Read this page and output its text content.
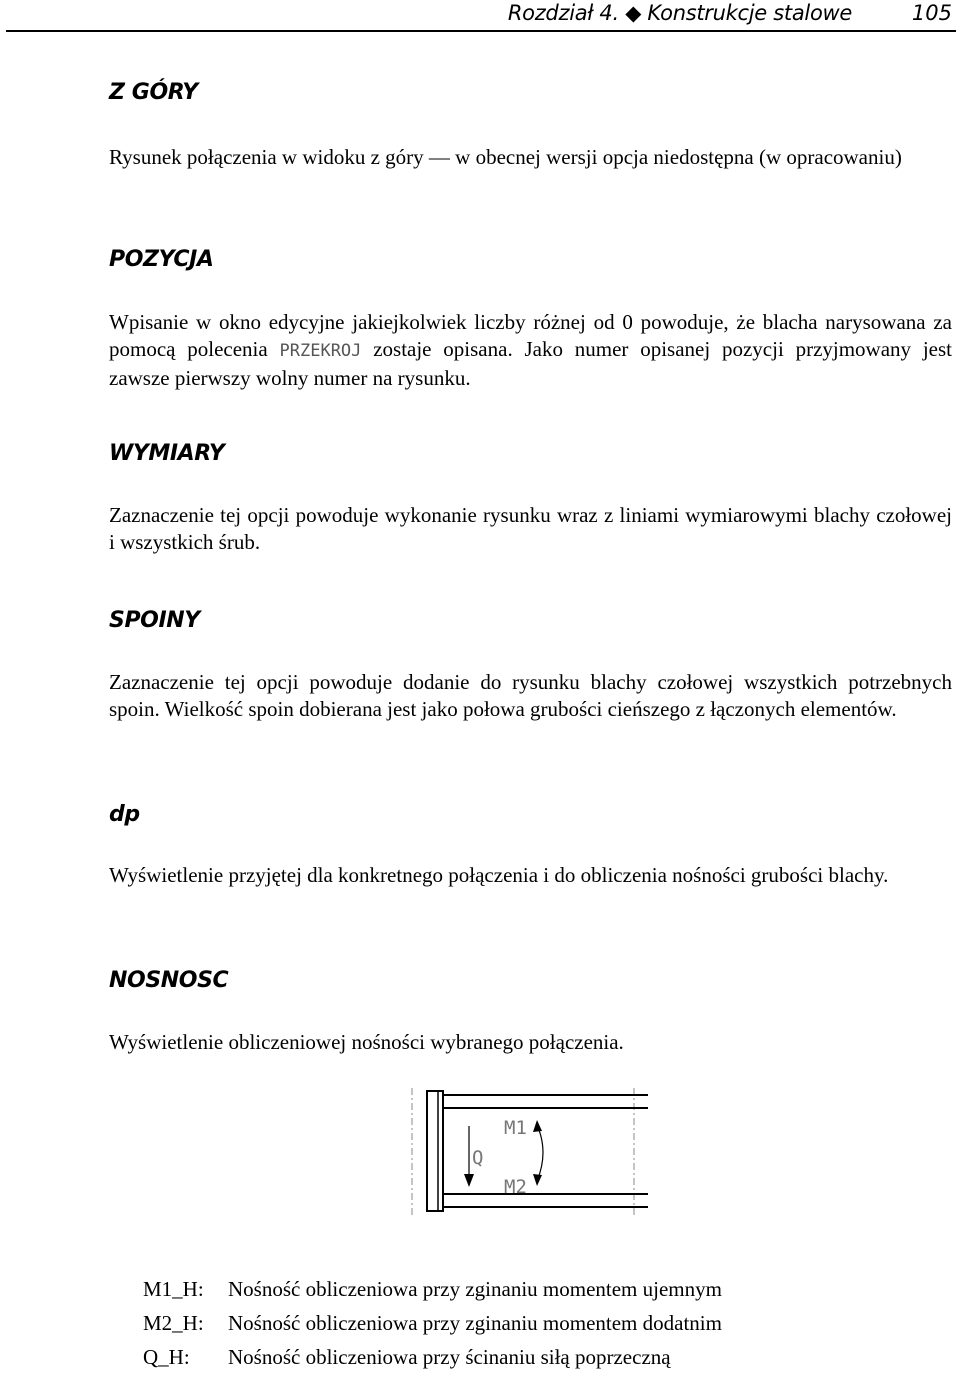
Rozdział 4. ◆ Konstrukcje stalowe	105
Z GÓRY

Rysunek połączenia w widoku z góry — w obecnej wersji opcja niedostępna (w opracowaniu)

POZYCJA

Wpisanie w okno edycyjne jakiejkolwiek liczby różnej od 0 powoduje, że blacha narysowana za pomocą polecenia PRZEKROJ zostaje opisana. Jako numer opisanej pozycji przyjmowany jest zawsze pierwszy wolny numer na rysunku.

WYMIARY

Zaznaczenie tej opcji powoduje wykonanie rysunku wraz z liniami wymiarowymi blachy czołowej i wszystkich śrub.

SPOINY

Zaznaczenie tej opcji powoduje dodanie do rysunku blachy czołowej wszystkich potrzebnych spoin. Wielkość spoin dobierana jest jako połowa grubości cieńszego z łączonych elementów.

dp

Wyświetlenie przyjętej dla konkretnego połączenia i do obliczenia nośności grubości blachy.

NOSNOSC

Wyświetlenie obliczeniowej nośności wybranego połączenia.

Q
M1
M2
M1_H:	Nośność obliczeniowa przy zginaniu momentem ujemnym
M2_H:	Nośność obliczeniowa przy zginaniu momentem dodatnim
Q_H:	Nośność obliczeniowa przy ścinaniu siłą poprzeczną
